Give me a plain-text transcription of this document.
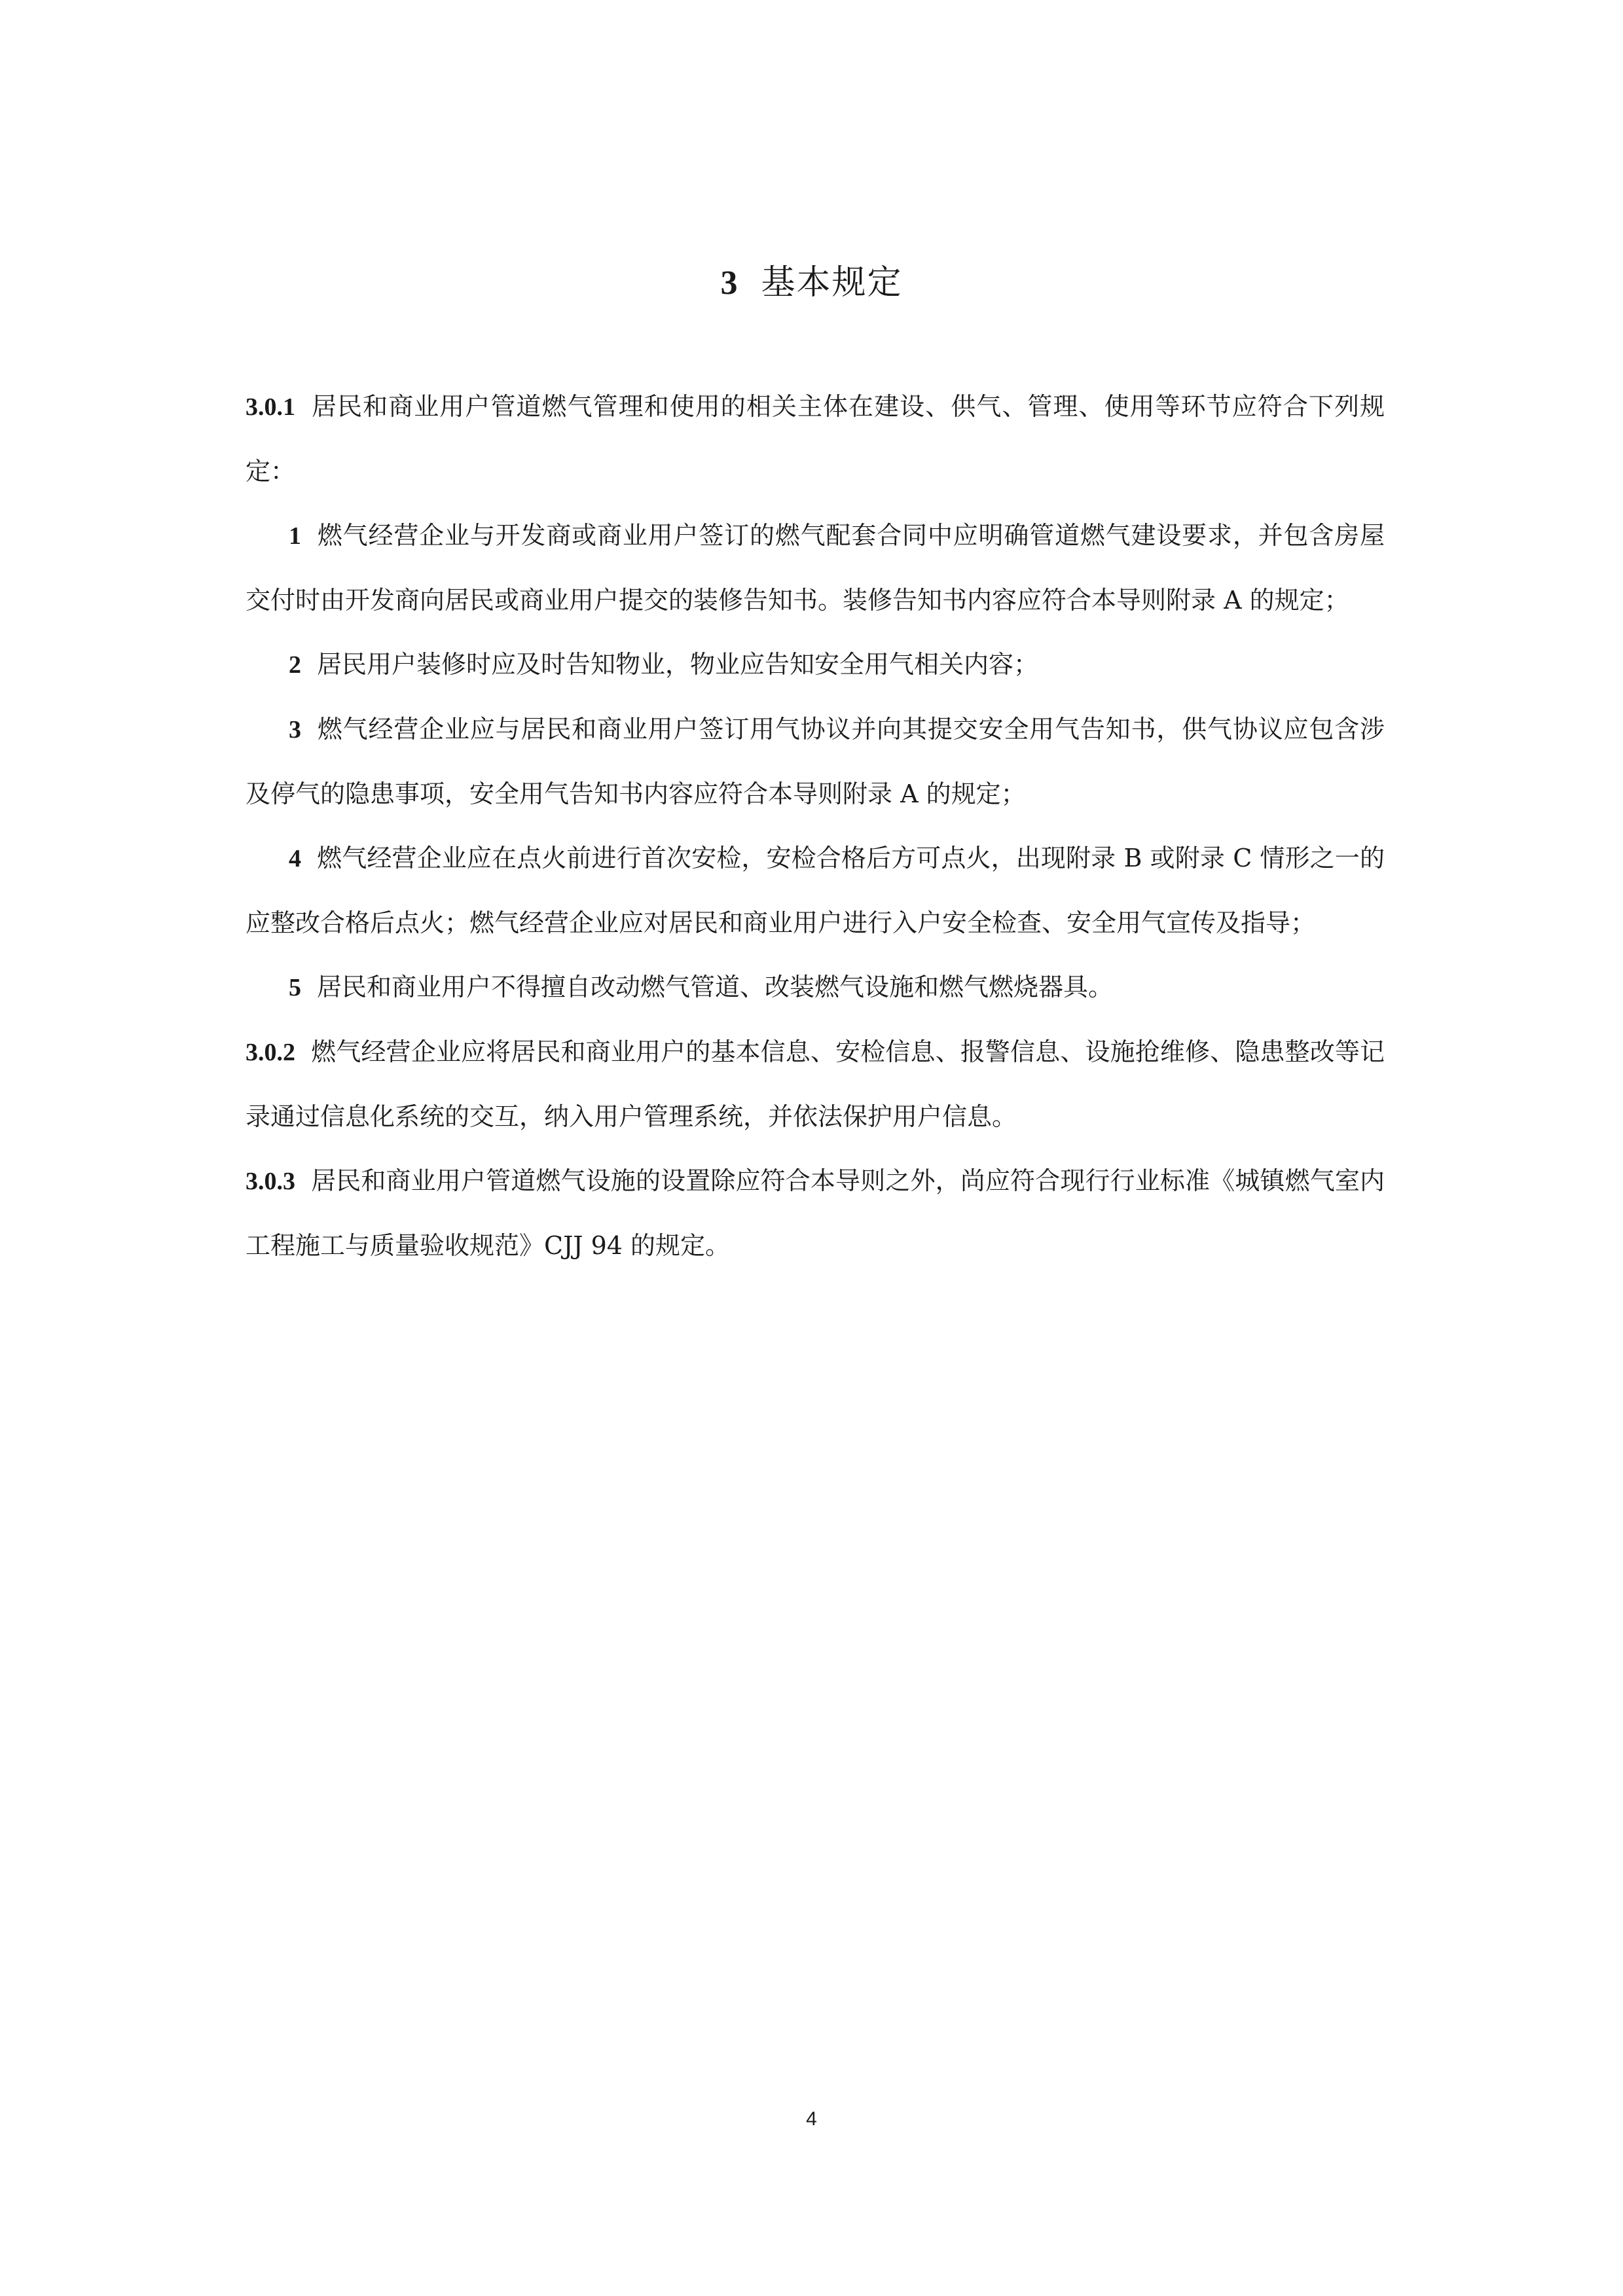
3 基本规定

3.0.1 居民和商业用户管道燃气管理和使用的相关主体在建设、供气、管理、使用等环节应符合下列规定：

1 燃气经营企业与开发商或商业用户签订的燃气配套合同中应明确管道燃气建设要求，并包含房屋交付时由开发商向居民或商业用户提交的装修告知书。装修告知书内容应符合本导则附录 A 的规定；

2 居民用户装修时应及时告知物业，物业应告知安全用气相关内容；

3 燃气经营企业应与居民和商业用户签订用气协议并向其提交安全用气告知书，供气协议应包含涉及停气的隐患事项，安全用气告知书内容应符合本导则附录 A 的规定；

4 燃气经营企业应在点火前进行首次安检，安检合格后方可点火，出现附录 B 或附录 C 情形之一的应整改合格后点火；燃气经营企业应对居民和商业用户进行入户安全检查、安全用气宣传及指导；

5 居民和商业用户不得擅自改动燃气管道、改装燃气设施和燃气燃烧器具。

3.0.2 燃气经营企业应将居民和商业用户的基本信息、安检信息、报警信息、设施抢维修、隐患整改等记录通过信息化系统的交互，纳入用户管理系统，并依法保护用户信息。

3.0.3 居民和商业用户管道燃气设施的设置除应符合本导则之外，尚应符合现行行业标准《城镇燃气室内工程施工与质量验收规范》CJJ 94 的规定。

4
